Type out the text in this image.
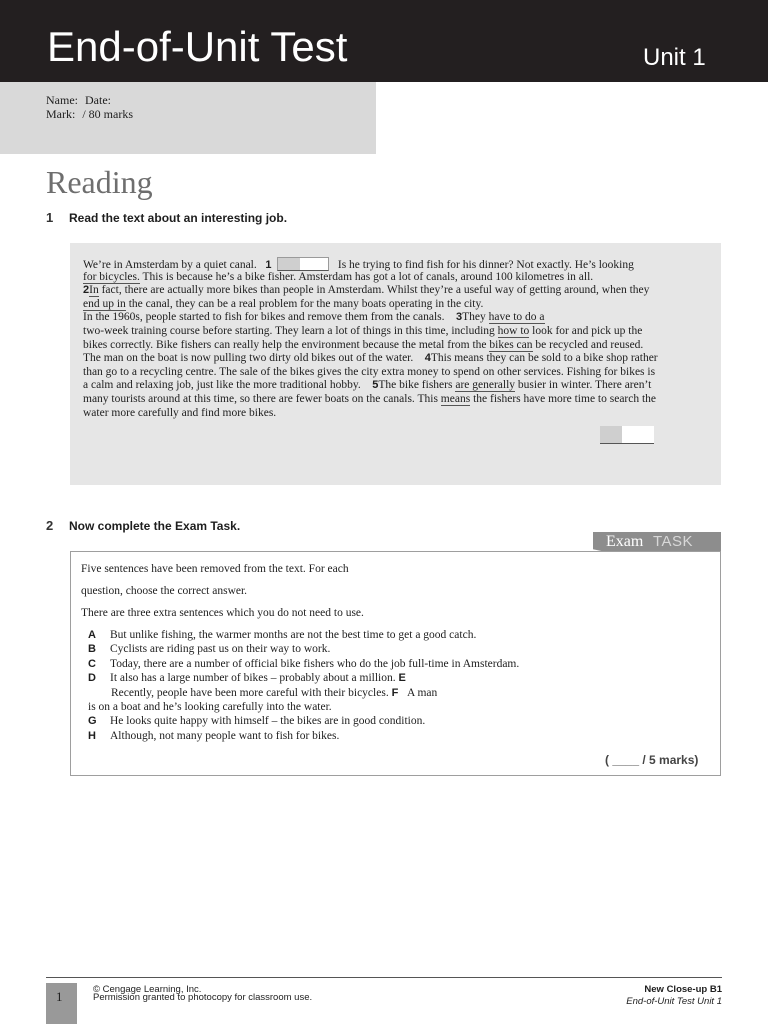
End-of-Unit Test	Unit 1
Name: Date:
Mark: / 80 marks
Reading
1 Read the text about an interesting job.
We’re in Amsterdam by a quiet canal. 1	Is he trying to find fish for his dinner? Not exactly. He’s looking
for bicycles. This is because he’s a bike fisher. Amsterdam has got a lot of canals, around 100 kilometres in all.
2In fact, there are actually more bikes than people in Amsterdam. Whilst they’re a useful way of getting around, when they
end up in the canal, they can be a real problem for the many boats operating in the city.
In the 1960s, people started to fish for bikes and remove them from the canals. 3They have to do a
two-week training course before starting. They learn a lot of things in this time, including how to look for and pick up the
bikes correctly. Bike fishers can really help the environment because the metal from the bikes can be recycled and reused.
The man on the boat is now pulling two dirty old bikes out of the water. 4This means they can be sold to a bike shop rather
than go to a recycling centre. The sale of the bikes gives the city extra money to spend on other services. Fishing for bikes is
a calm and relaxing job, just like the more traditional hobby. 5The bike fishers are generally busier in winter. There aren’t
many tourists around at this time, so there are fewer boats on the canals. This means the fishers have more time to search the
water more carefully and find more bikes.
2 Now complete the Exam Task.
Exam TASK
Five sentences have been removed from the text. For each
question, choose the correct answer.
There are three extra sentences which you do not need to use.
A But unlike fishing, the warmer months are not the best time to get a good catch.
B Cyclists are riding past us on their way to work.
C Today, there are a number of official bike fishers who do the job full-time in Amsterdam.
D It also has a large number of bikes – probably about a million. E
Recently, people have been more careful with their bicycles. F A man
is on a boat and he’s looking carefully into the water.
G He looks quite happy with himself – the bikes are in good condition.
H Although, not many people want to fish for bikes.
( ____ / 5 marks)
1	© Cengage Learning, Inc.
Permission granted to photocopy for classroom use.
New Close-up B1
End-of-Unit Test Unit 1
